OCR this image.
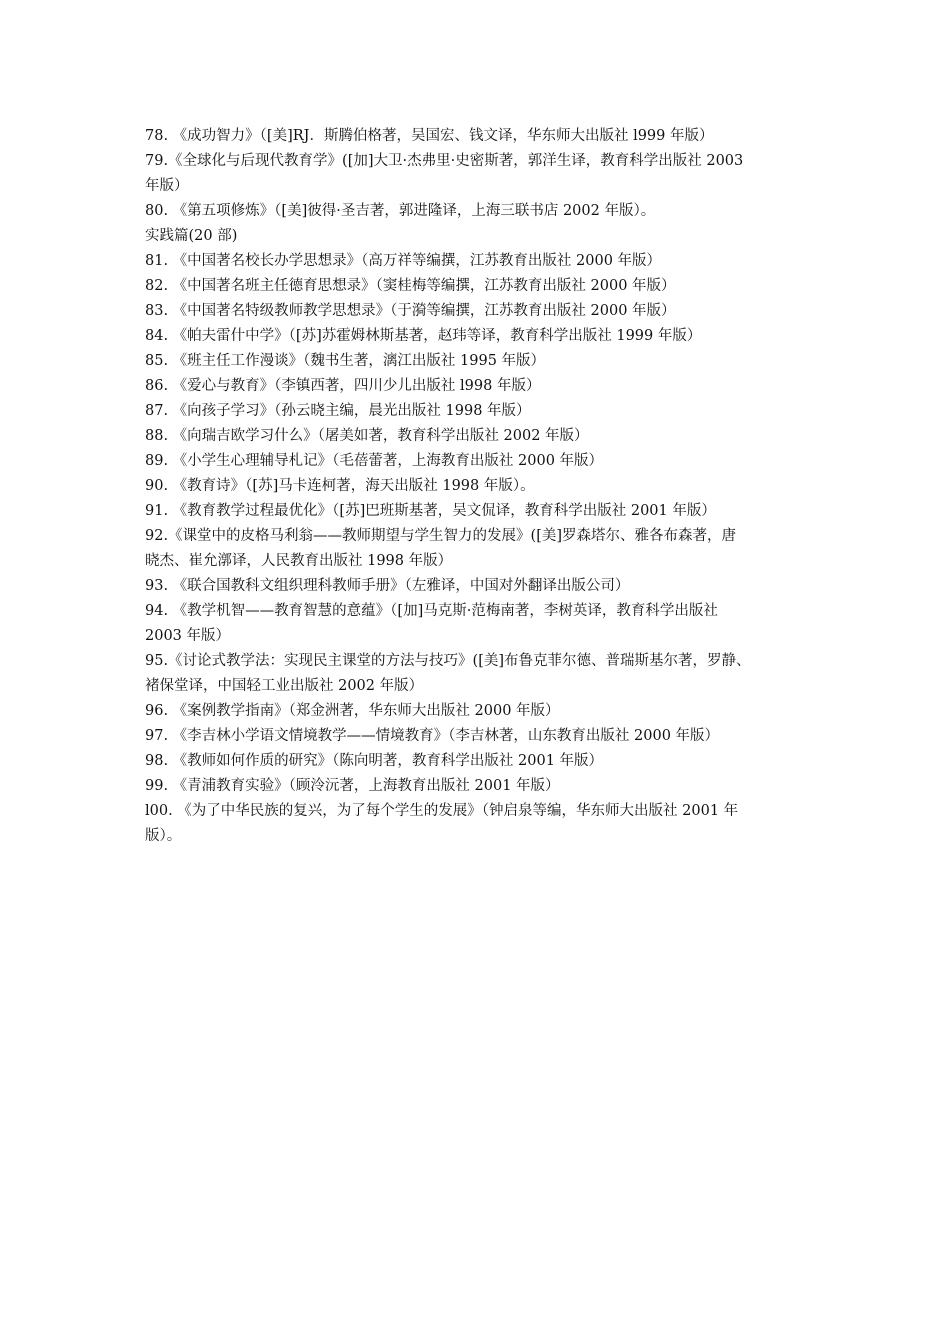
78. 《成功智力》（[美]RJ．斯腾伯格著，吴国宏、钱文译，华东师大出版社 l999 年版）
79.《全球化与后现代教育学》([加]大卫·杰弗里·史密斯著，郭洋生译，教育科学出版社 2003
年版）
80. 《第五项修炼》（[美]彼得·圣吉著，郭进隆译，上海三联书店 2002 年版）。
实践篇(20 部)
81. 《中国著名校长办学思想录》（高万祥等编撰，江苏教育出版社 2000 年版）
82. 《中国著名班主任德育思想录》（窦桂梅等编撰，江苏教育出版社 2000 年版）
83. 《中国著名特级教师教学思想录》（于漪等编撰，江苏教育出版社 2000 年版）
84. 《帕夫雷什中学》（[苏]苏霍姆林斯基著，赵玮等译，教育科学出版社 1999 年版）
85. 《班主任工作漫谈》（魏书生著，漓江出版社 1995 年版）
86. 《爱心与教育》（李镇西著，四川少儿出版社 l998 年版）
87. 《向孩子学习》（孙云晓主编，晨光出版社 1998 年版）
88. 《向瑞吉欧学习什么》（屠美如著，教育科学出版社 2002 年版）
89. 《小学生心理辅导札记》（毛蓓蕾著，上海教育出版社 2000 年版）
90. 《教育诗》（[苏]马卡连柯著，海天出版社 1998 年版）。
91. 《教育教学过程最优化》（[苏]巴班斯基著，吴文侃译，教育科学出版社 2001 年版）
92.《课堂中的皮格马利翁——教师期望与学生智力的发展》([美]罗森塔尔、雅各布森著，唐
晓杰、崔允漷译，人民教育出版社 1998 年版）
93. 《联合国教科文组织理科教师手册》（左雅译，中国对外翻译出版公司）
94. 《教学机智——教育智慧的意蕴》（[加]马克斯·范梅南著，李树英译，教育科学出版社
2003 年版）
95.《讨论式教学法：实现民主课堂的方法与技巧》([美]布鲁克菲尔德、普瑞斯基尔著，罗静、
褚保堂译，中国轻工业出版社 2002 年版）
96. 《案例教学指南》（郑金洲著，华东师大出版社 2000 年版）
97. 《李吉林小学语文情境教学——情境教育》（李吉林著，山东教育出版社 2000 年版）
98. 《教师如何作质的研究》（陈向明著，教育科学出版社 2001 年版）
99. 《青浦教育实验》（顾泠沅著，上海教育出版社 2001 年版）
l00. 《为了中华民族的复兴，为了每个学生的发展》（钟启泉等编，华东师大出版社 2001 年
版）。
